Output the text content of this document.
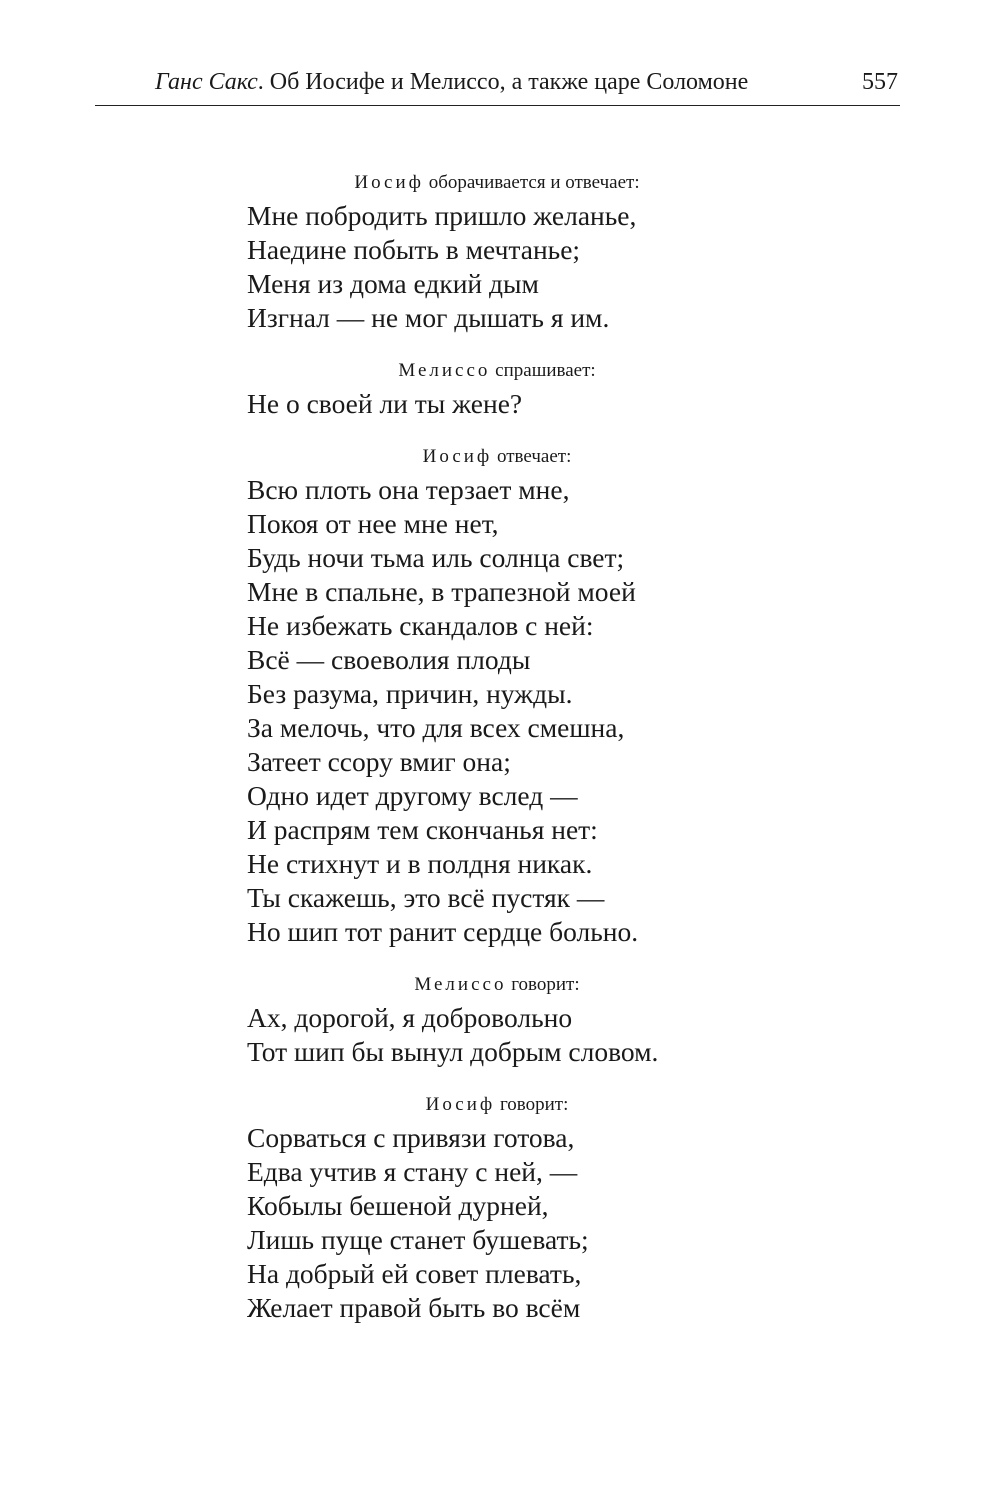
Ганс Сакс. Об Иосифе и Мелиссо, а также царе Соломоне	557
Иосиф оборачивается и отвечает:
Мне побродить пришло желанье,
Наедине побыть в мечтанье;
Меня из дома едкий дым
Изгнал — не мог дышать я им.
Мелиссо спрашивает:
Не о своей ли ты жене?
Иосиф отвечает:
Всю плоть она терзает мне,
Покоя от нее мне нет,
Будь ночи тьма иль солнца свет;
Мне в спальне, в трапезной моей
Не избежать скандалов с ней:
Всё — своеволия плоды
Без разума, причин, нужды.
За мелочь, что для всех смешна,
Затеет ссору вмиг она;
Одно идет другому вслед —
И распрям тем скончанья нет:
Не стихнут и в полдня никак.
Ты скажешь, это всё пустяк —
Но шип тот ранит сердце больно.
Мелиссо говорит:
Ах, дорогой, я добровольно
Тот шип бы вынул добрым словом.
Иосиф говорит:
Сорваться с привязи готова,
Едва учтив я стану с ней, —
Кобылы бешеной дурней,
Лишь пуще станет бушевать;
На добрый ей совет плевать,
Желает правой быть во всём
